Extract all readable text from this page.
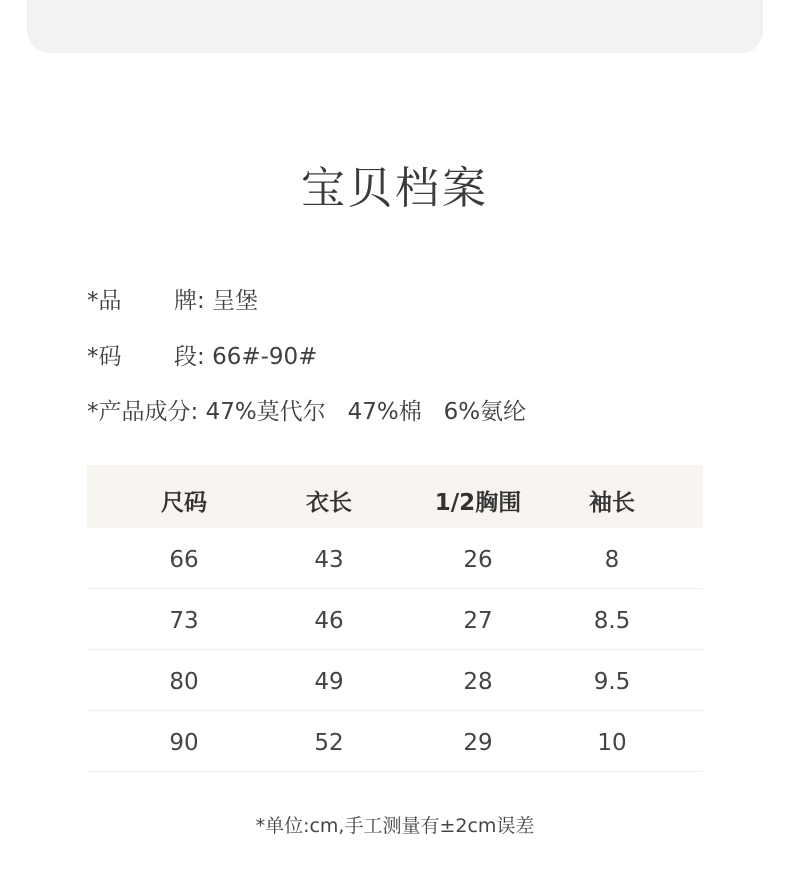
宝贝档案
*品 牌: 呈堡
*码 段: 66#-90#
*产品成分: 47%莫代尔   47%棉   6%氨纶
尺码	衣长	1/2胸围	袖长
66	43	26	8
73	46	27	8.5
80	49	28	9.5
90	52	29	10
*单位:cm,手工测量有±2cm误差
